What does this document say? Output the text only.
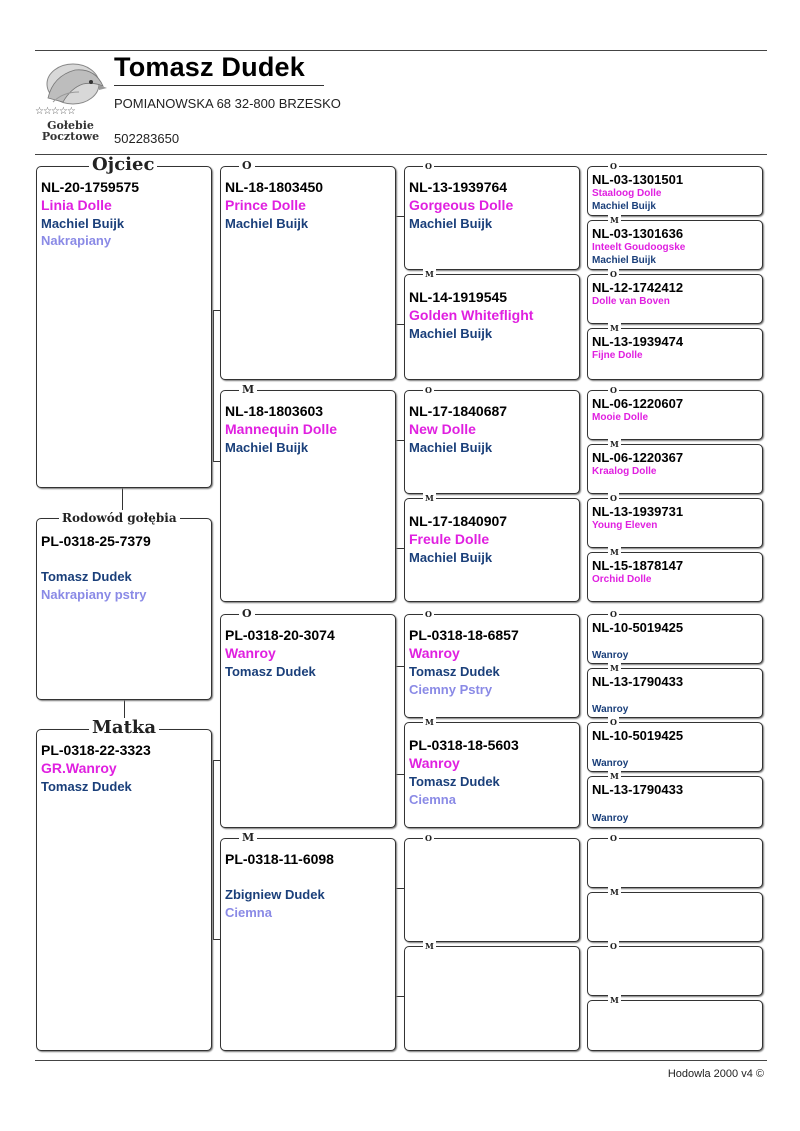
☆☆☆☆☆
Gołebie
Pocztowe
Tomasz Dudek
POMIANOWSKA 68 32-800 BRZESKO
502283650
Ojciec
NL-20-1759575
Linia Dolle
Machiel Buijk
Nakrapiany
Rodowód gołębia
PL-0318-25-7379
Tomasz Dudek
Nakrapiany pstry
Matka
PL-0318-22-3323
GR.Wanroy
Tomasz Dudek
O
NL-18-1803450
Prince Dolle
Machiel Buijk
M
NL-18-1803603
Mannequin Dolle
Machiel Buijk
O
PL-0318-20-3074
Wanroy
Tomasz Dudek
M
PL-0318-11-6098
Zbigniew Dudek
Ciemna
O
NL-13-1939764
Gorgeous Dolle
Machiel Buijk
M
NL-14-1919545
Golden Whiteflight
Machiel Buijk
O
NL-17-1840687
New Dolle
Machiel Buijk
M
NL-17-1840907
Freule Dolle
Machiel Buijk
O
PL-0318-18-6857
Wanroy
Tomasz Dudek
Ciemny Pstry
M
PL-0318-18-5603
Wanroy
Tomasz Dudek
Ciemna
O
M
O
NL-03-1301501
Staaloog Dolle
Machiel Buijk
M
NL-03-1301636
Inteelt Goudoogske
Machiel Buijk
O
NL-12-1742412
Dolle van Boven
M
NL-13-1939474
Fijne Dolle
O
NL-06-1220607
Mooie Dolle
M
NL-06-1220367
Kraalog Dolle
O
NL-13-1939731
Young Eleven
M
NL-15-1878147
Orchid Dolle
O
NL-10-5019425
Wanroy
M
NL-13-1790433
Wanroy
O
NL-10-5019425
Wanroy
M
NL-13-1790433
Wanroy
O
M
O
M
Hodowla 2000 v4 ©
